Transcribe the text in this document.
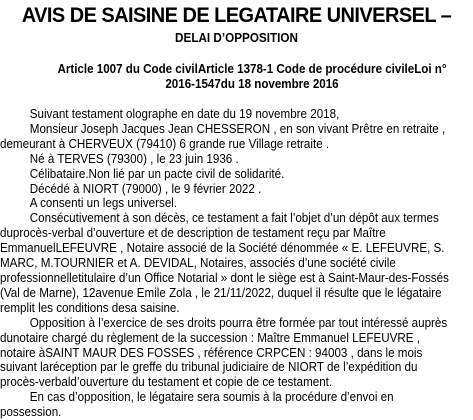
AVIS DE SAISINE DE LEGATAIRE UNIVERSEL –
DELAI D’OPPOSITION
Article 1007 du Code civilArticle 1378-1 Code de procédure civileLoi n°
2016-1547du 18 novembre 2016
Suivant testament olographe en date du 19 novembre 2018,
Monsieur Joseph Jacques Jean CHESSERON , en son vivant Prêtre en retraite ,
demeurant à CHERVEUX (79410) 6 grande rue Village retraite .
Né à TERVES (79300) , le 23 juin 1936 .
Célibataire.Non lié par un pacte civil de solidarité.
Décédé à NIORT (79000) , le 9 février 2022 .
A consenti un legs universel.
Consécutivement à son décès, ce testament a fait l’objet d’un dépôt aux termes
duprocès-verbal d’ouverture et de description de testament reçu par Maître
EmmanuelLEFEUVRE , Notaire associé de la Société dénommée « E. LEFEUVRE, S.
MARC, M.TOURNIER et A. DEVIDAL, Notaires, associés d’une société civile
professionnelletitulaire d’un Office Notarial » dont le siège est à Saint-Maur-des-Fossés
(Val de Marne), 12avenue Emile Zola , le 21/11/2022, duquel il résulte que le légataire
remplit les conditions desa saisine.
Opposition à l’exercice de ses droits pourra être formée par tout intéressé auprès
dunotaire chargé du règlement de la succession : Maître Emmanuel LEFEUVRE ,
notaire àSAINT MAUR DES FOSSES , référence CRPCEN : 94003 , dans le mois
suivant laréception par le greffe du tribunal judiciaire de NIORT de l’expédition du
procès-verbald’ouverture du testament et copie de ce testament.
En cas d’opposition, le légataire sera soumis à la procédure d’envoi en
possession.
